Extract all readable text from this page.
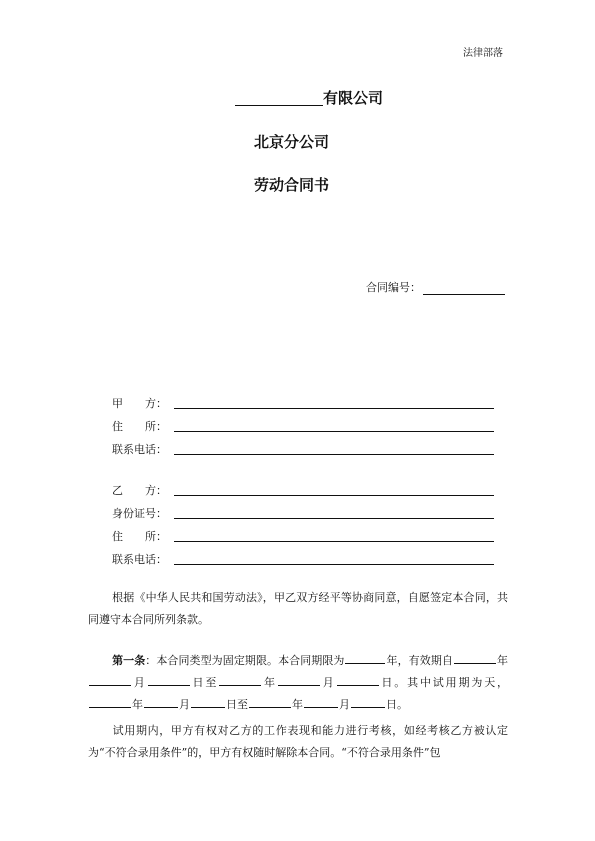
法律部落
有限公司
北京分公司
劳动合同书
合同编号：
甲　　方：
住　　所：
联系电话：
乙　　方：
身份证号：
住　　所：
联系电话：
根据《中华人民共和国劳动法》，甲乙双方经平等协商同意，自愿签定本合同，共同遵守本合同所列条款。
第一条：本合同类型为固定期限。本合同期限为	年，有效期自	年月	日至	年	月	日。其中试用期为天，年	月	日至	年	月	日。
试用期内，甲方有权对乙方的工作表现和能力进行考核，如经考核乙方被认定为“不符合录用条件”的，甲方有权随时解除本合同。“不符合录用条件”包
